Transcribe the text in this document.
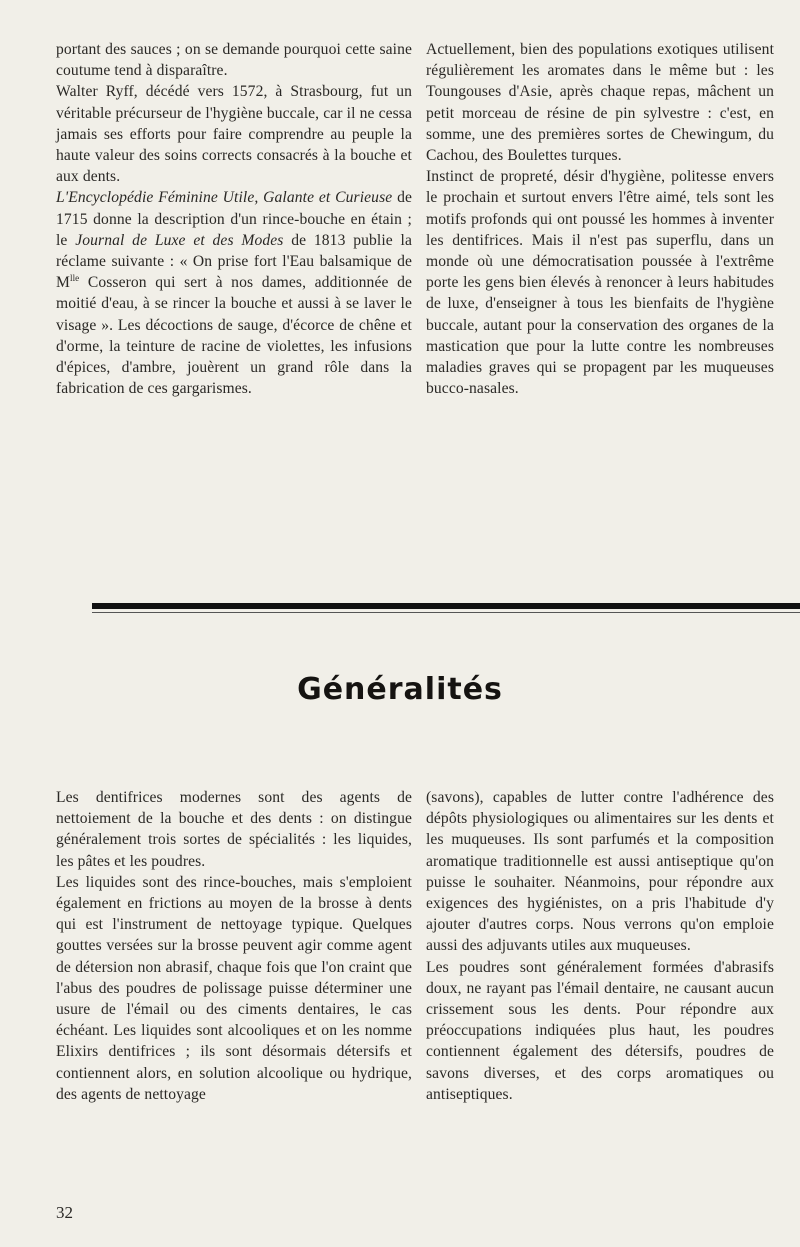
portant des sauces ; on se demande pourquoi cette saine coutume tend à disparaître.

Walter Ryff, décédé vers 1572, à Strasbourg, fut un véritable précurseur de l'hygiène buccale, car il ne cessa jamais ses efforts pour faire comprendre au peuple la haute valeur des soins corrects consacrés à la bouche et aux dents.

L'Encyclopédie Féminine Utile, Galante et Curieuse de 1715 donne la description d'un rince-bouche en étain ; le Journal de Luxe et des Modes de 1813 publie la réclame suivante : « On prise fort l'Eau balsamique de $M^{lle}$ Cosseron qui sert à nos dames, additionnée de moitié d'eau, à se rincer la bouche et aussi à se laver le visage ». Les décoctions de sauge, d'écorce de chêne et d'orme, la teinture de racine de violettes, les infusions d'épices, d'ambre, jouèrent un grand rôle dans la fabrication de ces gargarismes.

Actuellement, bien des populations exotiques utilisent régulièrement les aromates dans le même but : les Toungouses d'Asie, après chaque repas, mâchent un petit morceau de résine de pin sylvestre : c'est, en somme, une des premières sortes de Chewingum, du Cachou, des Boulettes turques.

Instinct de propreté, désir d'hygiène, politesse envers le prochain et surtout envers l'être aimé, tels sont les motifs profonds qui ont poussé les hommes à inventer les dentifrices. Mais il n'est pas superflu, dans un monde où une démocratisation poussée à l'extrême porte les gens bien élevés à renoncer à leurs habitudes de luxe, d'enseigner à tous les bienfaits de l'hygiène buccale, autant pour la conservation des organes de la mastication que pour la lutte contre les nombreuses maladies graves qui se propagent par les muqueuses bucco-nasales.

Généralités

Les dentifrices modernes sont des agents de nettoiement de la bouche et des dents : on distingue généralement trois sortes de spécialités : les liquides, les pâtes et les poudres.

Les liquides sont des rince-bouches, mais s'emploient également en frictions au moyen de la brosse à dents qui est l'instrument de nettoyage typique. Quelques gouttes versées sur la brosse peuvent agir comme agent de détersion non abrasif, chaque fois que l'on craint que l'abus des poudres de polissage puisse déterminer une usure de l'émail ou des ciments dentaires, le cas échéant. Les liquides sont alcooliques et on les nomme Elixirs dentifrices ; ils sont désormais détersifs et contiennent alors, en solution alcoolique ou hydrique, des agents de nettoyage

(savons), capables de lutter contre l'adhérence des dépôts physiologiques ou alimentaires sur les dents et les muqueuses. Ils sont parfumés et la composition aromatique traditionnelle est aussi antiseptique qu'on puisse le souhaiter. Néanmoins, pour répondre aux exigences des hygiénistes, on a pris l'habitude d'y ajouter d'autres corps. Nous verrons qu'on emploie aussi des adjuvants utiles aux muqueuses.

Les poudres sont généralement formées d'abrasifs doux, ne rayant pas l'émail dentaire, ne causant aucun crissement sous les dents. Pour répondre aux préoccupations indiquées plus haut, les poudres contiennent également des détersifs, poudres de savons diverses, et des corps aromatiques ou antiseptiques.

32
